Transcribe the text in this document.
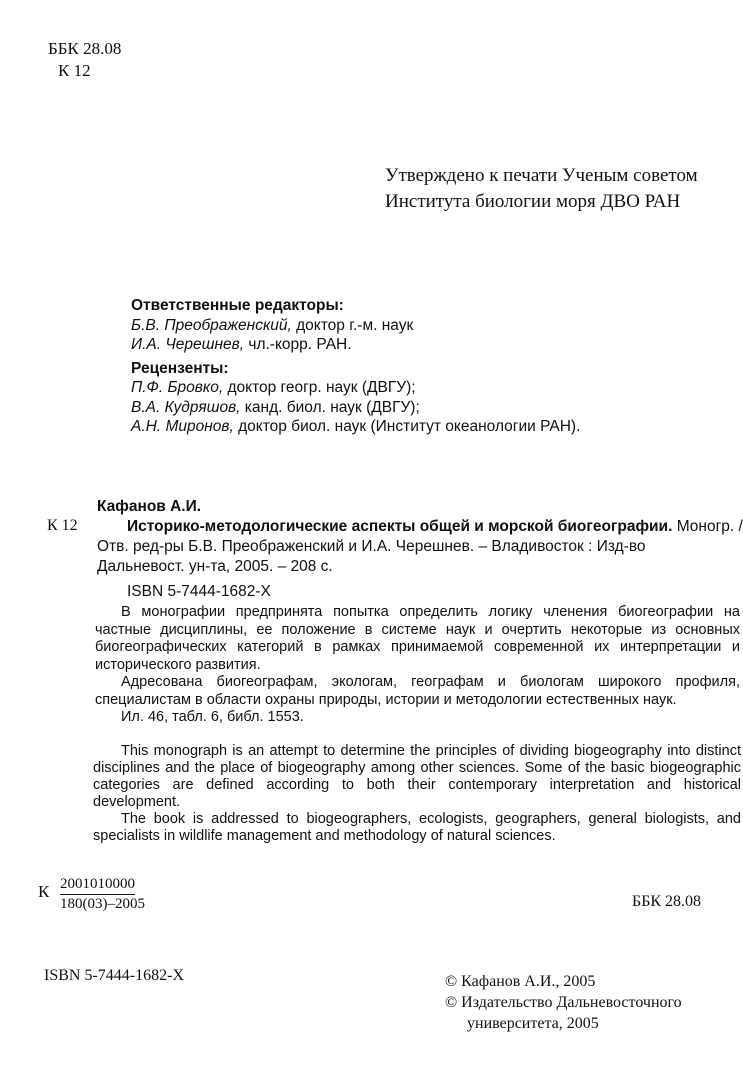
ББК 28.08
К 12
Утверждено к печати Ученым советом
Института биологии моря ДВО РАН
Ответственные редакторы:
Б.В. Преображенский, доктор г.-м. наук
И.А. Черешнев, чл.-корр. РАН.
Рецензенты:
П.Ф. Бровко, доктор геогр. наук (ДВГУ);
В.А. Кудряшов, канд. биол. наук (ДВГУ);
А.Н. Миронов, доктор биол. наук (Институт океанологии РАН).
К 12
Кафанов А.И.
Историко-методологические аспекты общей и морской биогеографии. Моногр. /
Отв. ред-ры Б.В. Преображенский и И.А. Черешнев. – Владивосток : Изд-во
Дальневост. ун-та, 2005. – 208 с.
ISBN 5-7444-1682-X

В монографии предпринята попытка определить логику членения биогеографии на частные дисциплины, ее положение в системе наук и очертить некоторые из основных биогеографических категорий в рамках принимаемой современной их интерпретации и исторического развития.

Адресована биогеографам, экологам, географам и биологам широкого профиля, специалистам в области охраны природы, истории и методологии естественных наук.

Ил. 46, табл. 6, библ. 1553.

This monograph is an attempt to determine the principles of dividing biogeography into distinct disciplines and the place of biogeography among other sciences. Some of the basic biogeographic categories are defined according to both their contemporary interpretation and historical development.

The book is addressed to biogeographers, ecologists, geographers, general biologists, and specialists in wildlife management and methodology of natural sciences.

К 2001010000
180(03)–2005	ББК 28.08
ISBN 5-7444-1682-X	© Кафанов А.И., 2005
© Издательство Дальневосточного
университета, 2005
